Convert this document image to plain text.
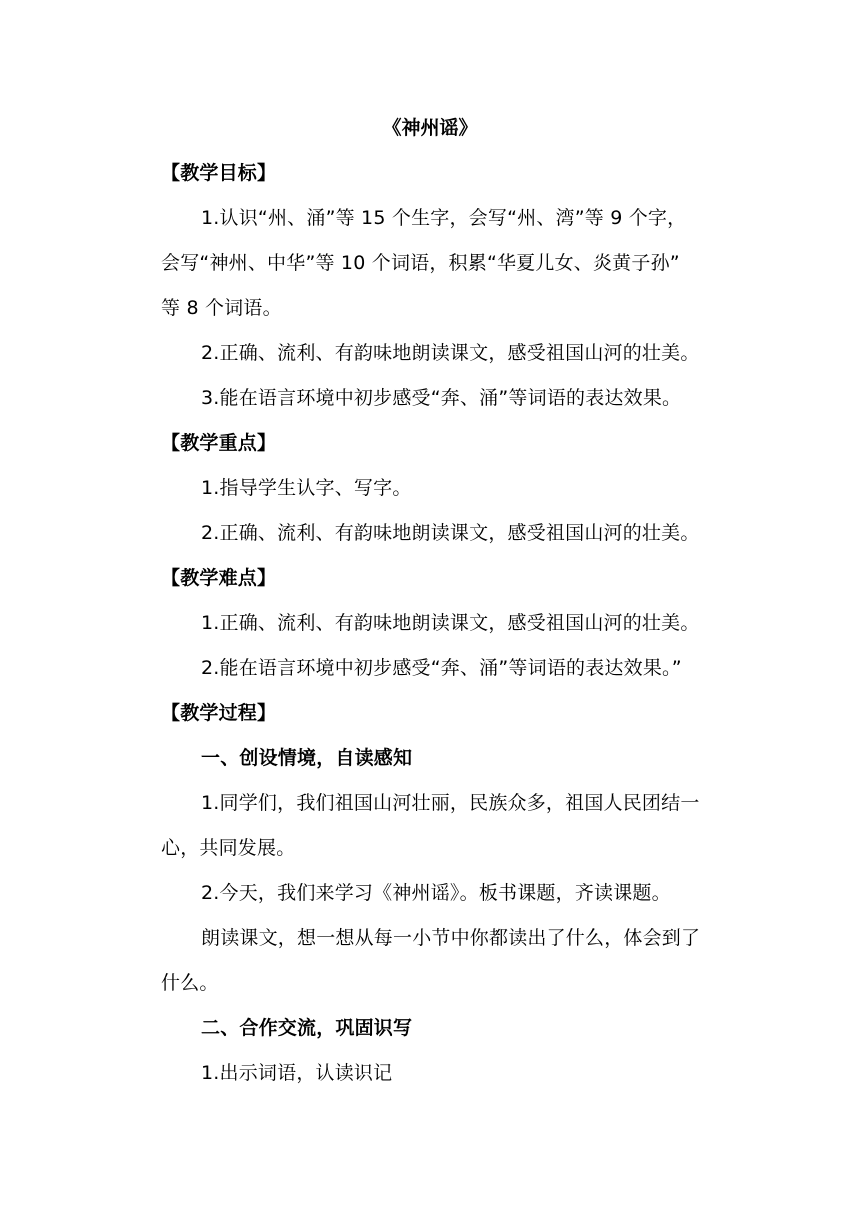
《神州谣》
【教学目标】
1.认识“州、涌”等 15 个生字，会写“州、湾”等 9 个字，
会写“神州、中华”等 10 个词语，积累“华夏儿女、炎黄子孙”
等 8 个词语。
2.正确、流利、有韵味地朗读课文，感受祖国山河的壮美。
3.能在语言环境中初步感受“奔、涌”等词语的表达效果。
【教学重点】
1.指导学生认字、写字。
2.正确、流利、有韵味地朗读课文，感受祖国山河的壮美。
【教学难点】
1.正确、流利、有韵味地朗读课文，感受祖国山河的壮美。
2.能在语言环境中初步感受“奔、涌”等词语的表达效果。”
【教学过程】
一、创设情境，自读感知
1.同学们，我们祖国山河壮丽，民族众多，祖国人民团结一
心，共同发展。
2.今天，我们来学习《神州谣》。板书课题，齐读课题。
朗读课文，想一想从每一小节中你都读出了什么，体会到了
什么。
二、合作交流，巩固识写
1.出示词语，认读识记
